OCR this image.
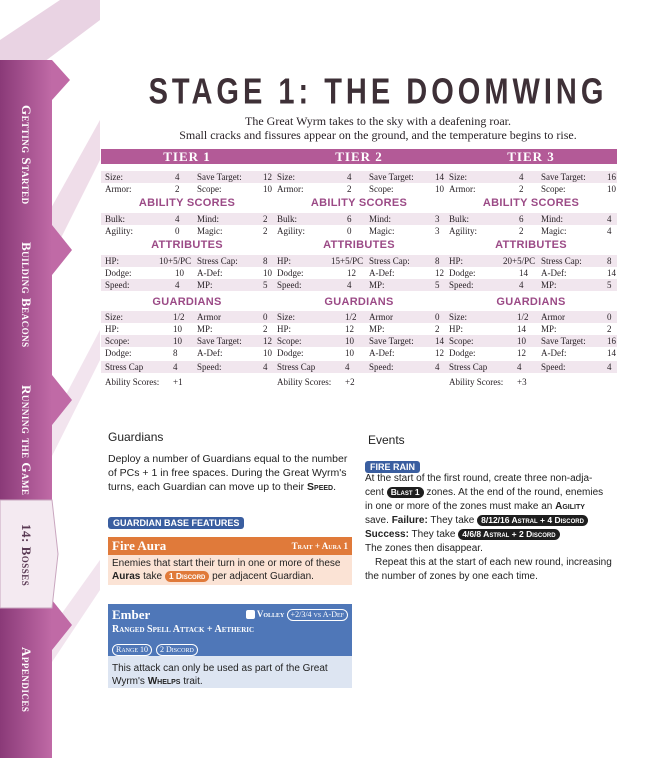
Getting Started
Building Beacons
Running the Game
14: Bosses
Appendices
STAGE 1: THE DOOMWING
The Great Wyrm takes to the sky with a deafening roar.
Small cracks and fissures appear on the ground, and the temperature begins to rise.
TIER 1
Size:	4 Save Target: 12
Armor:	2 Scope:	10
ABILITY SCORES
Bulk:	4 Mind:	2
Agility:	0 Magic:	2
ATTRIBUTES
HP:	10+5/PC Stress Cap:	8
Dodge:	10 A-Def:	10
Speed:	4 MP:	5
GUARDIANS
Size:	1/2 Armor	0
HP:	10 MP:	2
Scope:	10 Save Target: 12
Dodge:	8 A-Def:	10
Stress Cap	4 Speed:	4
Ability Scores: +1
TIER 2
Size:	4 Save Target: 14
Armor:	2 Scope:	10
ABILITY SCORES
Bulk:	6 Mind:	3
Agility:	0 Magic:	3
ATTRIBUTES
HP:	15+5/PC Stress Cap:	8
Dodge:	12 A-Def:	12
Speed:	4 MP:	5
GUARDIANS
Size:	1/2 Armor	0
HP:	12 MP:	2
Scope:	10 Save Target: 14
Dodge:	10 A-Def:	12
Stress Cap	4 Speed:	4
Ability Scores: +2
TIER 3
Size:	4 Save Target: 16
Armor:	2 Scope:	10
ABILITY SCORES
Bulk:	6 Mind:	4
Agility:	2 Magic:	4
ATTRIBUTES
HP:	20+5/PC Stress Cap:	8
Dodge:	14 A-Def:	14
Speed:	4 MP:	5
GUARDIANS
Size:	1/2 Armor	0
HP:	14 MP:	2
Scope:	10 Save Target: 16
Dodge:	12 A-Def:	14
Stress Cap	4 Speed:	4
Ability Scores: +3
Guardians
Deploy a number of Guardians equal to the number of PCs + 1 in free spaces. During the Great Wyrm's turns, each Guardian can move up to their Speed.
GUARDIAN BASE FEATURES
Fire Aura	Trait + Aura 1
Enemies that start their turn in one or more of these Auras take 1 Discord per adjacent Guardian.
Ember	Volley +2/3/4 vs A-Def
Ranged Spell Attack + Aetheric
Range 10 2 Discord
This attack can only be used as part of the Great Wyrm's Whelps trait.
Events
FIRE RAIN
At the start of the first round, create three non-adja-
cent Blast 1 zones. At the end of the round, enemies
in one or more of the zones must make an Agility
save. Failure: They take 8/12/16 Astral + 4 Discord
Success: They take 4/6/8 Astral + 2 Discord
The zones then disappear.
Repeat this at the start of each new round, increasing
the number of zones by one each time.
